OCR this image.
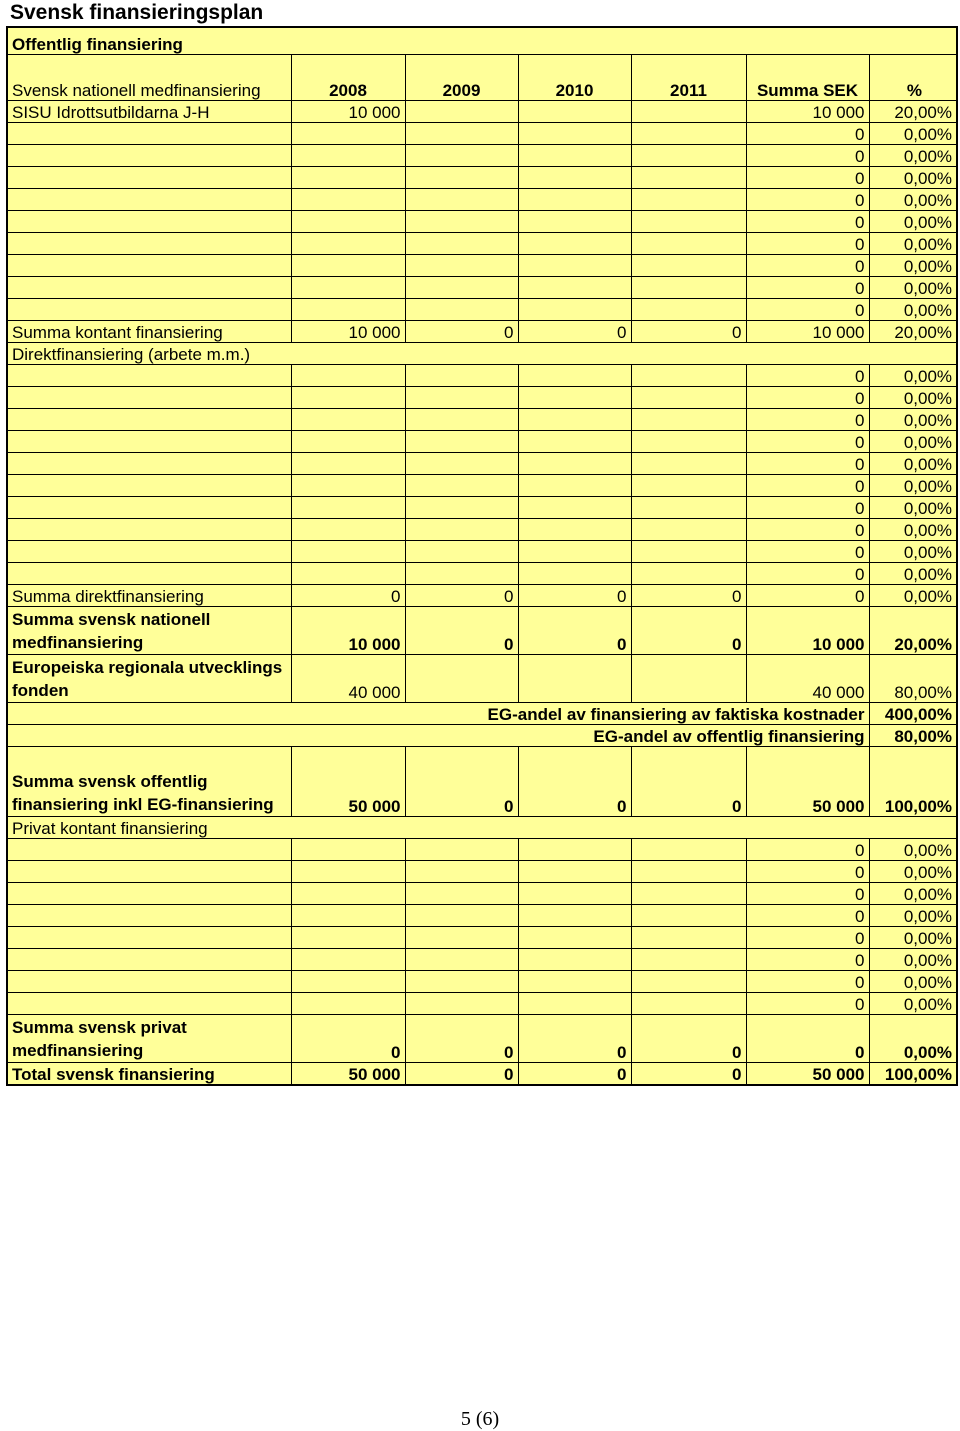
Svensk finansieringsplan
Offentlig finansiering						
Svensk nationell medfinansiering	2008	2009	2010	2011	Summa SEK	%
SISU Idrottsutbildarna J-H	10 000				10 000	20,00%
					0	0,00%
					0	0,00%
					0	0,00%
					0	0,00%
					0	0,00%
					0	0,00%
					0	0,00%
					0	0,00%
					0	0,00%
Summa kontant finansiering	10 000	0	0	0	10 000	20,00%
Direktfinansiering (arbete m.m.)						
					0	0,00%
					0	0,00%
					0	0,00%
					0	0,00%
					0	0,00%
					0	0,00%
					0	0,00%
					0	0,00%
					0	0,00%
					0	0,00%
Summa direktfinansiering	0	0	0	0	0	0,00%
Summa svensk nationell medfinansiering	10 000	0	0	0	10 000	20,00%
Europeiska regionala utvecklings fonden	40 000				40 000	80,00%
EG-andel av finansiering av faktiska kostnader						400,00%
EG-andel av offentlig finansiering						80,00%
Summa svensk offentlig finansiering inkl EG-finansiering	50 000	0	0	0	50 000	100,00%
Privat kontant finansiering						
					0	0,00%
					0	0,00%
					0	0,00%
					0	0,00%
					0	0,00%
					0	0,00%
					0	0,00%
					0	0,00%
Summa svensk privat medfinansiering	0	0	0	0	0	0,00%
Total svensk finansiering	50 000	0	0	0	50 000	100,00%
5 (6)
